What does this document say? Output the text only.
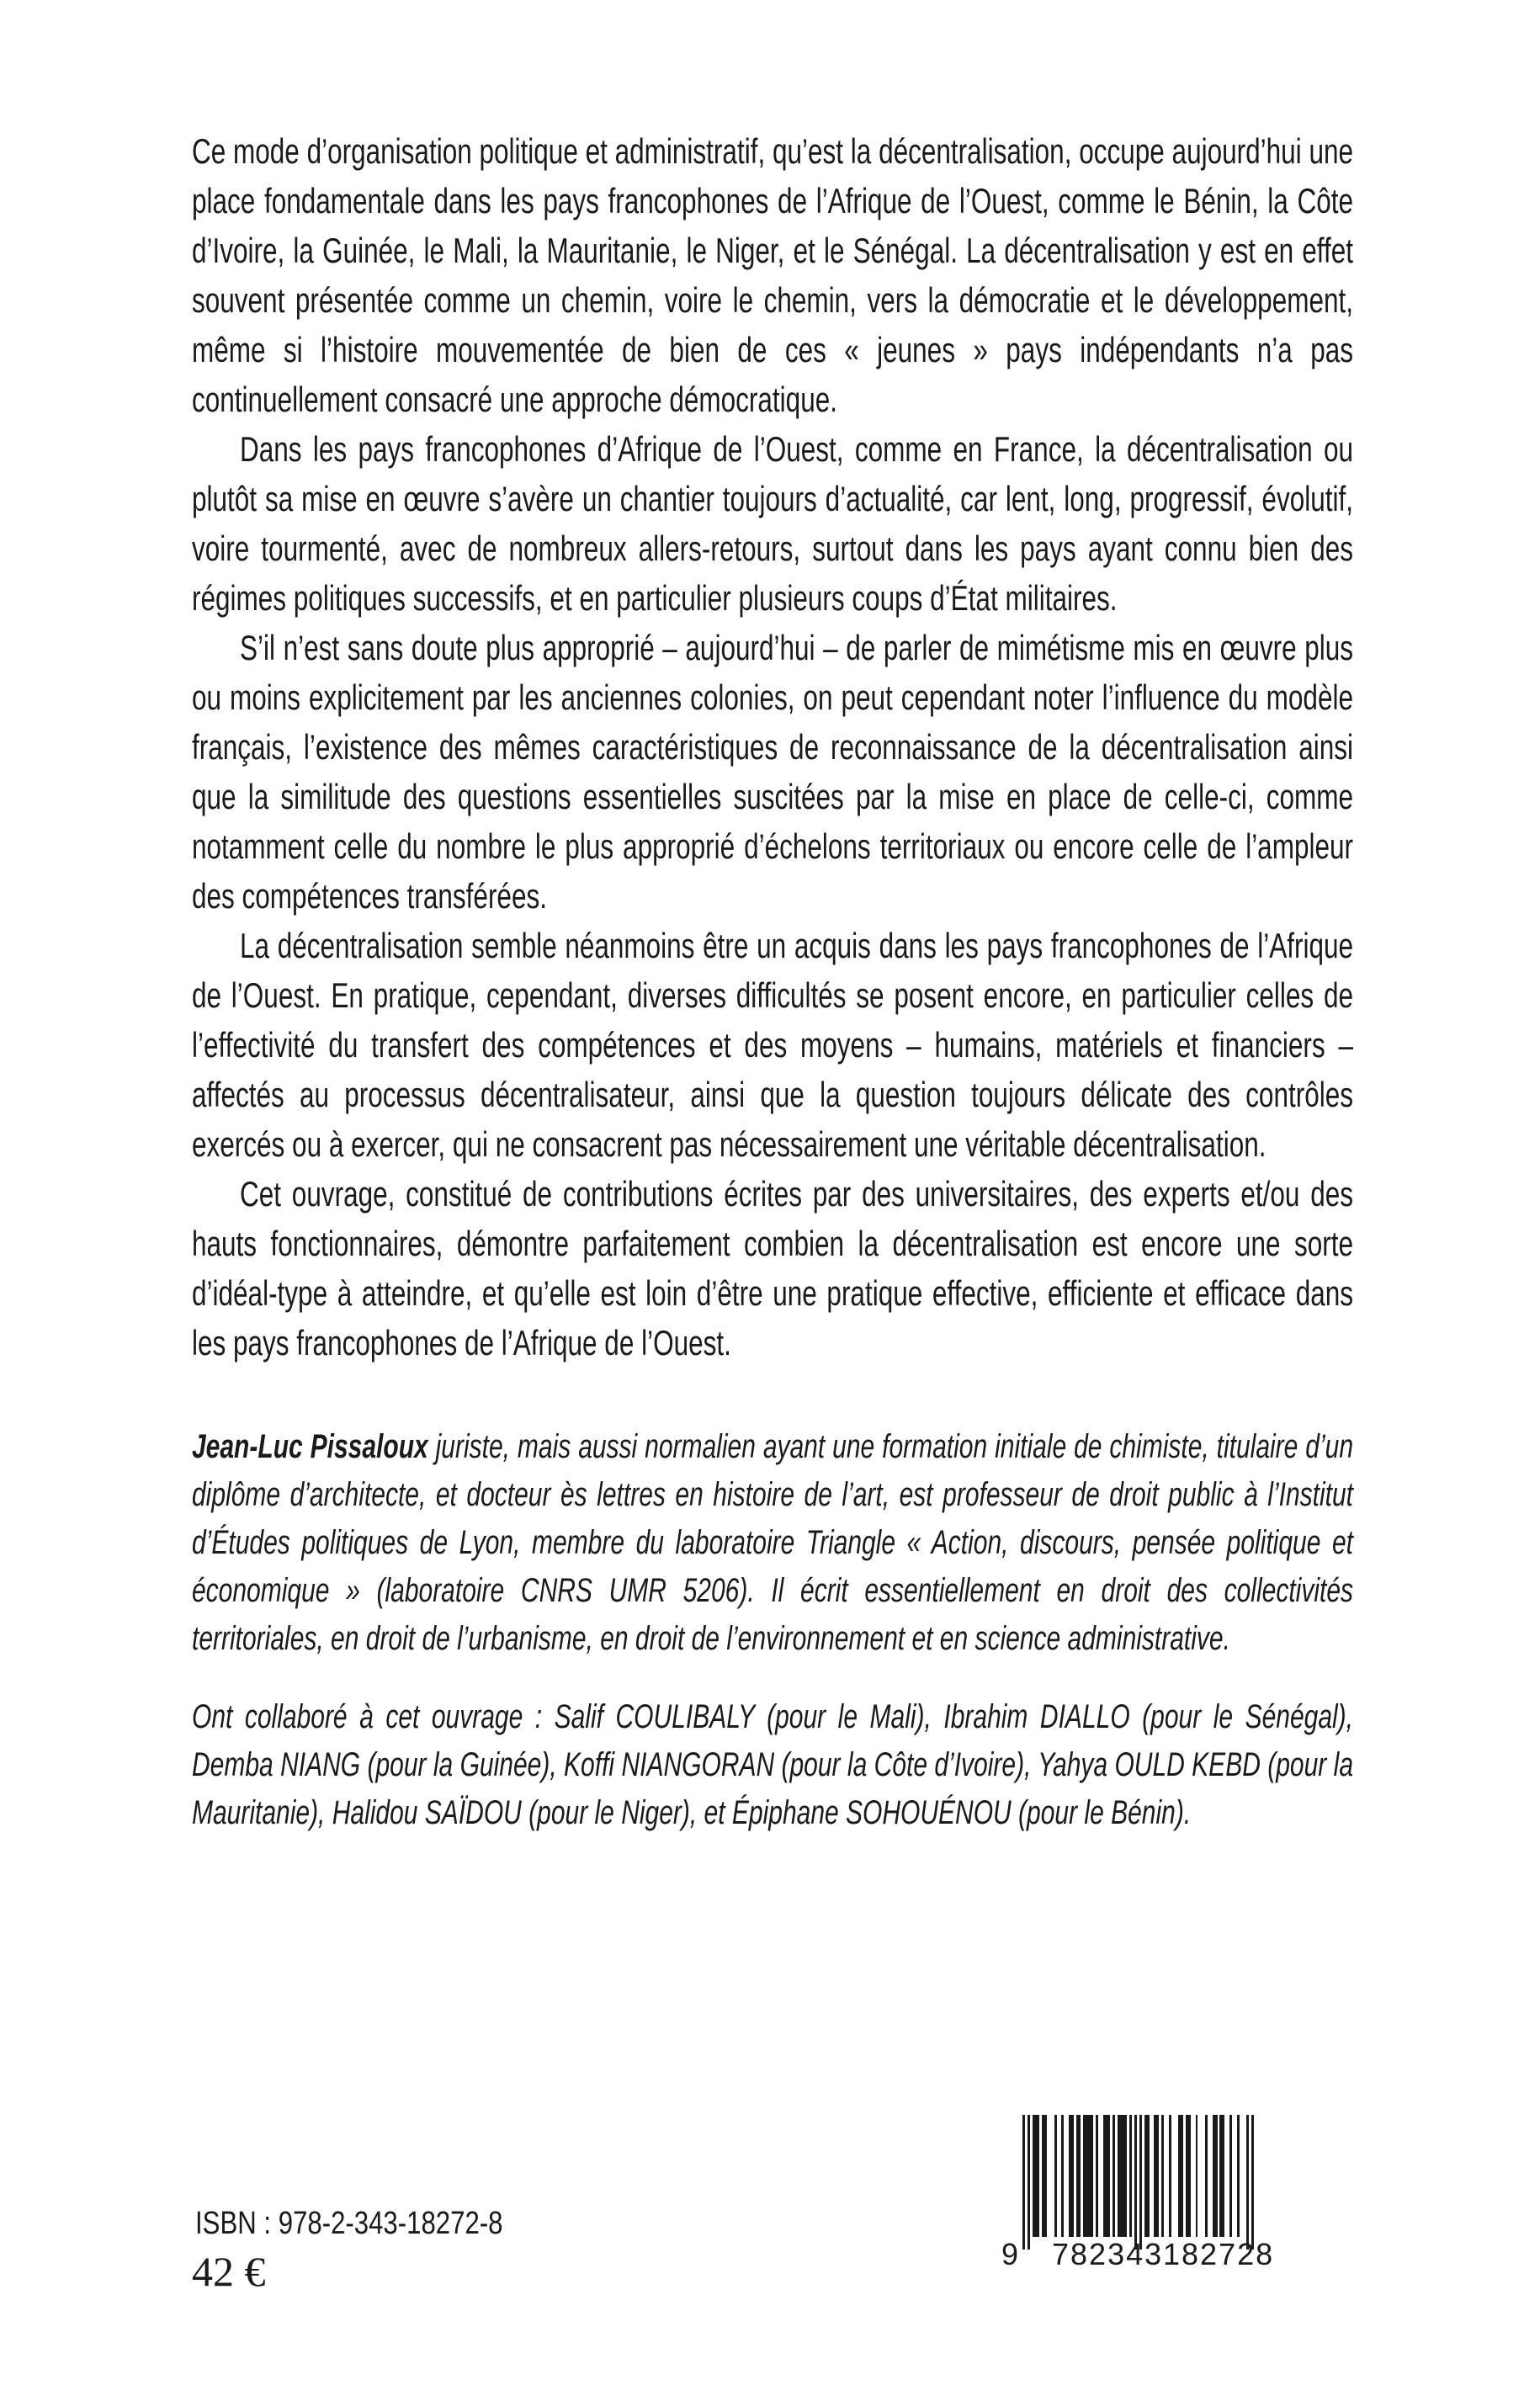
Ce mode d’organisation politique et administratif, qu’est la décentralisation, occupe aujourd’hui une place fondamentale dans les pays francophones de l’Afrique de l’Ouest, comme le Bénin, la Côte d’Ivoire, la Guinée, le Mali, la Mauritanie, le Niger, et le Sénégal. La décentralisation y est en effet souvent présentée comme un chemin, voire le chemin, vers la démocratie et le développement, même si l’histoire mouvementée de bien de ces « jeunes » pays indépendants n’a pas continuellement consacré une approche démocratique.

Dans les pays francophones d’Afrique de l’Ouest, comme en France, la décentralisation ou plutôt sa mise en œuvre s’avère un chantier toujours d’actualité, car lent, long, progressif, évolutif, voire tourmenté, avec de nombreux allers-retours, surtout dans les pays ayant connu bien des régimes politiques successifs, et en particulier plusieurs coups d’État militaires.

S’il n’est sans doute plus approprié – aujourd’hui – de parler de mimétisme mis en œuvre plus ou moins explicitement par les anciennes colonies, on peut cependant noter l’influence du modèle français, l’existence des mêmes caractéristiques de reconnaissance de la décentralisation ainsi que la similitude des questions essentielles suscitées par la mise en place de celle-ci, comme notamment celle du nombre le plus approprié d’échelons territoriaux ou encore celle de l’ampleur des compétences transférées.

La décentralisation semble néanmoins être un acquis dans les pays francophones de l’Afrique de l’Ouest. En pratique, cependant, diverses difficultés se posent encore, en particulier celles de l’effectivité du transfert des compétences et des moyens – humains, matériels et financiers – affectés au processus décentralisateur, ainsi que la question toujours délicate des contrôles exercés ou à exercer, qui ne consacrent pas nécessairement une véritable décentralisation.

Cet ouvrage, constitué de contributions écrites par des universitaires, des experts et/ou des hauts fonctionnaires, démontre parfaitement combien la décentralisation est encore une sorte d’idéal-type à atteindre, et qu’elle est loin d’être une pratique effective, efficiente et efficace dans les pays francophones de l’Afrique de l’Ouest.

Jean-Luc Pissaloux juriste, mais aussi normalien ayant une formation initiale de chimiste, titulaire d’un diplôme d’architecte, et docteur ès lettres en histoire de l’art, est professeur de droit public à l’Institut d’Études politiques de Lyon, membre du laboratoire Triangle « Action, discours, pensée politique et économique » (laboratoire CNRS UMR 5206). Il écrit essentiellement en droit des collectivités territoriales, en droit de l’urbanisme, en droit de l’environnement et en science administrative.

Ont collaboré à cet ouvrage : Salif COULIBALY (pour le Mali), Ibrahim DIALLO (pour le Sénégal), Demba NIANG (pour la Guinée), Koffi NIANGORAN (pour la Côte d’Ivoire), Yahya OULD KEBD (pour la Mauritanie), Halidou SAÏDOU (pour le Niger), et Épiphane SOHOUÉNOU (pour le Bénin).

ISBN : 978-2-343-18272-8
42 €	9 782343 182728
